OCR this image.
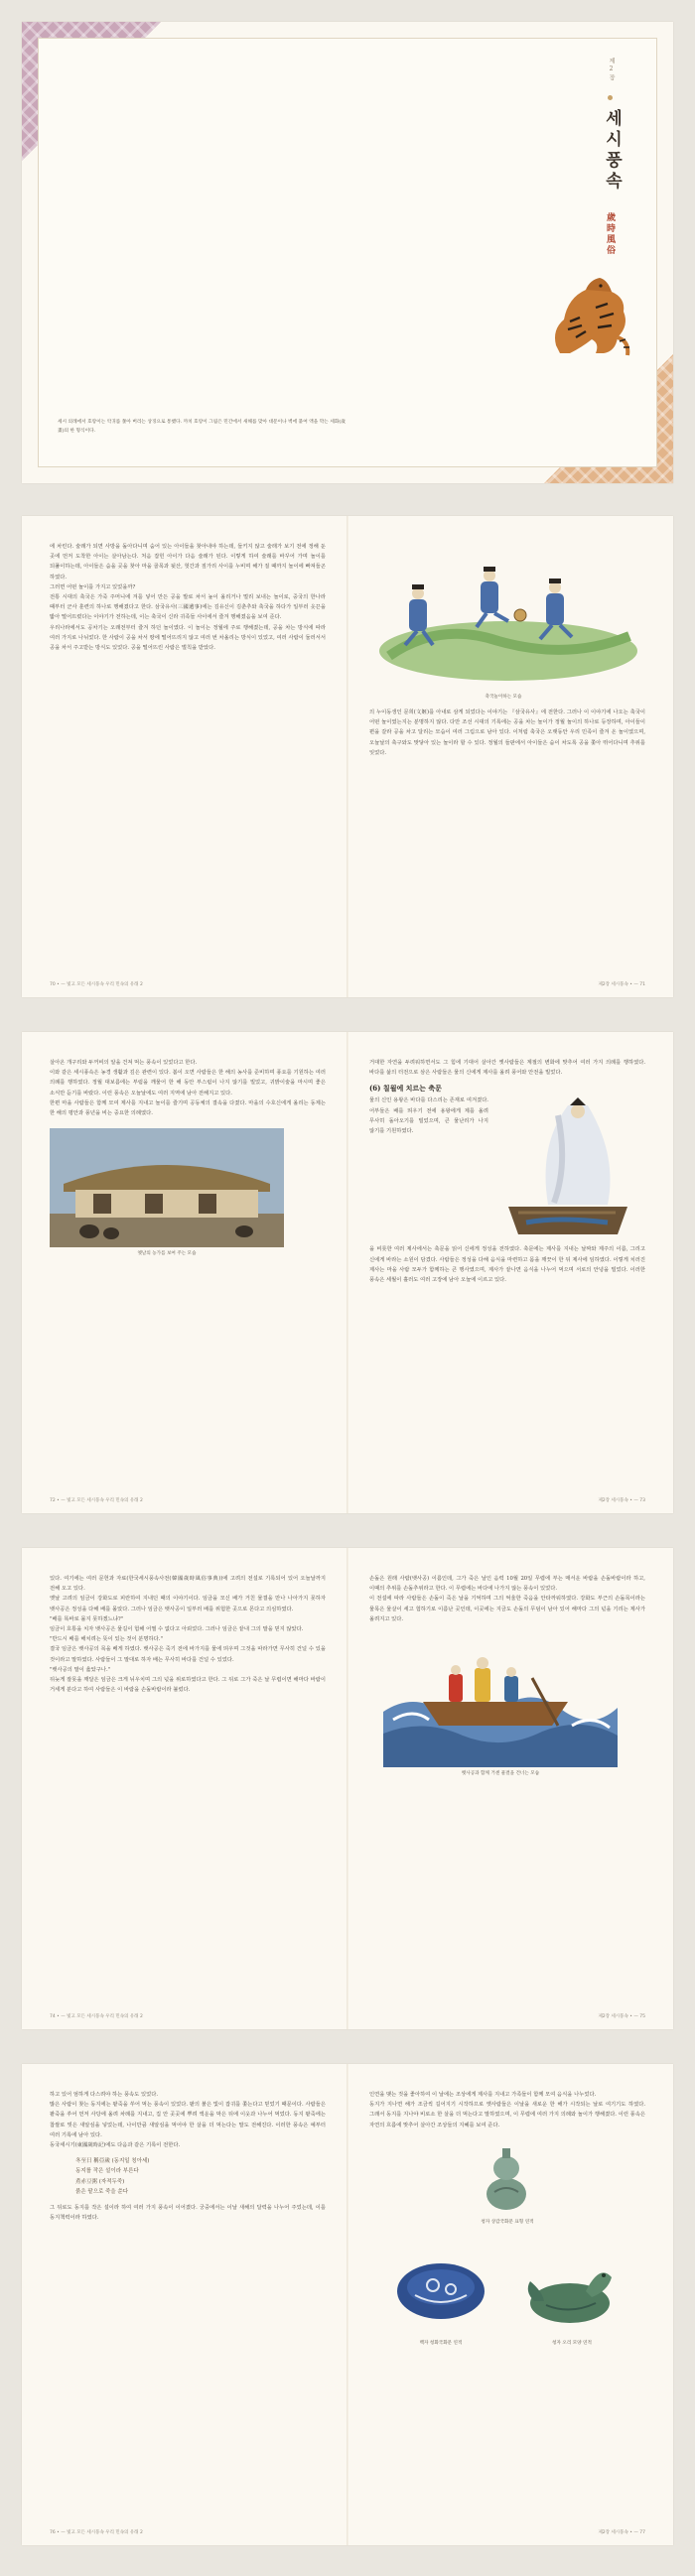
제2장
세시풍속
歲時風俗

세시 의례에서 호랑이는 악귀를 쫓아 버리는 상징으로 통했다. 까치 호랑이 그림은 민간에서 새해를 맞아 대문이나 벽에 붙여 액을 막는 세화(歲畫)의 한 형식이다.

에 차린다. 술래가 되면 사방을 돌아다니며 숨어 있는 아이들을 찾아내야 하는데, 들키지 않고 술래가 보기 전에 정해 둔 곳에 먼저 도착한 아이는 살아남는다. 처음 잡힌 아이가 다음 술래가 된다. 이렇게 하여 술래를 바꾸어 가며 놀이를 되풀이하는데, 아이들은 숨을 곳을 찾아 마을 골목과 뒷산, 헛간과 짚가리 사이를 누비며 해가 질 때까지 놀이에 빠져들곤 하였다.
그러면 어떤 놀이를 가지고 있었을까?
전통 시대의 축국은 가죽 주머니에 겨를 넣어 만든 공을 발로 차서 높이 올리거나 멀리 보내는 놀이로, 중국의 한나라 때부터 군사 훈련의 하나로 행해졌다고 한다. 삼국유사(三國遺事)에는 김유신이 김춘추와 축국을 하다가 일부러 옷끈을 밟아 떨어뜨렸다는 이야기가 전하는데, 이는 축국이 신라 귀족들 사이에서 즐겨 행해졌음을 보여 준다.
우리나라에서도 공차기는 오래전부터 즐겨 하던 놀이였다. 이 놀이는 정월에 주로 행해졌는데, 공을 차는 방식에 따라 여러 가지로 나뉘었다. 한 사람이 공을 차서 땅에 떨어뜨리지 않고 여러 번 차올리는 방식이 있었고, 여러 사람이 둘러서서 공을 차서 주고받는 방식도 있었다. 공을 떨어뜨린 사람은 벌칙을 받았다.

70 • — 빛고 모든 세시풍속 우리 민속의 유래 2
축국놀이하는 모습

의 누이동생인 문희(文姬)를 아내로 삼게 되었다는 이야기는 『삼국유사』에 전한다. 그러나 이 이야기에 나오는 축국이 어떤 놀이였는지는 분명하지 않다. 다만 조선 시대의 기록에는 공을 차는 놀이가 정월 놀이의 하나로 등장하며, 아이들이 편을 갈라 공을 차고 달리는 모습이 여러 그림으로 남아 있다. 이처럼 축국은 오랫동안 우리 민족이 즐겨 온 놀이였으며, 오늘날의 축구와도 맞닿아 있는 놀이라 할 수 있다. 정월의 들판에서 아이들은 숨이 차도록 공을 쫓아 뛰어다니며 추위를 잊었다.

제2장 세시풍속 • — 71

살아온 개구리와 두꺼비의 알을 건져 먹는 풍속이 있었다고 한다.
이와 같은 세시풍속은 농경 생활과 깊은 관련이 있다. 봄이 오면 사람들은 한 해의 농사를 준비하며 풍요를 기원하는 여러 의례를 행하였다. 정월 대보름에는 부럼을 깨물어 한 해 동안 부스럼이 나지 않기를 빌었고, 귀밝이술을 마시며 좋은 소식만 듣기를 바랐다. 이런 풍속은 오늘날에도 여러 지역에 남아 전해지고 있다.
한편 마을 사람들은 함께 모여 제사를 지내고 놀이를 즐기며 공동체의 결속을 다졌다. 마을의 수호신에게 올리는 동제는 한 해의 평안과 풍년을 비는 중요한 의례였다.

옛날의 농가를 보여 주는 모습
72 • — 빛고 모든 세시풍속 우리 민속의 유래 2

거대한 자연을 두려워하면서도 그 힘에 기대어 살아간 옛사람들은 계절의 변화에 맞추어 여러 가지 의례를 행하였다. 바다를 삶의 터전으로 삼은 사람들은 물의 신에게 제사를 올려 풍어와 안전을 빌었다.

(6) 칠월에 치르는 축문

물의 신인 용왕은 바다를 다스리는 존재로 여겨졌다. 어부들은 배를 띄우기 전에 용왕에게 제를 올려 무사히 돌아오기를 빌었으며, 큰 물난리가 나지 않기를 기원하였다.

을 비롯한 여러 제사에서는 축문을 읽어 신에게 정성을 전하였다. 축문에는 제사를 지내는 날짜와 제주의 이름, 그리고 신에게 바라는 소원이 담겼다. 사람들은 정성을 다해 음식을 마련하고 몸을 깨끗이 한 뒤 제사에 임하였다. 이렇게 치러진 제사는 마을 사람 모두가 함께하는 큰 행사였으며, 제사가 끝나면 음식을 나누어 먹으며 서로의 안녕을 빌었다. 이러한 풍속은 세월이 흘러도 여러 고장에 남아 오늘에 이르고 있다.

제2장 세시풍속 • — 73

있다. 여기에는 여러 문헌과 자료(한국세시풍속사전(韓國歲時風俗事典))에 고려의 전설로 기록되어 있어 오늘날까지 전해 오고 있다.
옛날 고려의 임금이 강화도로 피란하여 지내던 때의 이야기이다. 임금을 모신 배가 거친 물결을 만나 나아가지 못하자 뱃사공은 정성을 다해 배를 몰았다. 그러나 임금은 뱃사공이 일부러 배를 위험한 곳으로 몬다고 의심하였다.
"배를 똑바로 몰지 못하겠느냐?"
임금이 호통을 치자 뱃사공은 물길이 험해 어쩔 수 없다고 아뢰었다. 그러나 임금은 끝내 그의 말을 믿지 않았다.
"반드시 배를 해치려는 뜻이 있는 것이 분명하다."
결국 임금은 뱃사공의 목을 베게 하였다. 뱃사공은 죽기 전에 바가지를 물에 띄우며 그것을 따라가면 무사히 건널 수 있을 것이라고 말하였다. 사람들이 그 말대로 하자 배는 무사히 바다를 건널 수 있었다.
"뱃사공의 말이 옳았구나."
뒤늦게 잘못을 깨달은 임금은 크게 뉘우치며 그의 넋을 위로하였다고 한다. 그 뒤로 그가 죽은 날 무렵이면 해마다 바람이 거세게 분다고 하여 사람들은 이 바람을 손돌바람이라 불렀다.

74 • — 빛고 모든 세시풍속 우리 민속의 유래 2

손돌은 원래 사람(뱃사공) 이름인데, 그가 죽은 날인 음력 10월 20일 무렵에 부는 매서운 바람을 손돌바람이라 하고, 이때의 추위를 손돌추위라고 한다. 이 무렵에는 바다에 나가지 않는 풍속이 있었다.
이 전설에 따라 사람들은 손돌이 죽은 날을 기억하며 그의 억울한 죽음을 안타까워하였다. 강화도 부근의 손돌목이라는 물목은 물살이 세고 험하기로 이름난 곳인데, 이곳에는 지금도 손돌의 무덤이 남아 있어 해마다 그의 넋을 기리는 제사가 올려지고 있다.

뱃사공과 함께 거센 물결을 건너는 모습
제2장 세시풍속 • — 75

하고 있어 엄하게 다스려야 하는 풍속도 있었다.
많은 사람이 찾는 동지에는 팥죽을 쑤어 먹는 풍속이 있었다. 팥의 붉은 빛이 잡귀를 쫓는다고 믿었기 때문이다. 사람들은 팥죽을 쑤어 먼저 사당에 올려 차례를 지내고, 집 안 곳곳에 뿌려 액운을 막은 뒤에 이웃과 나누어 먹었다. 동지 팥죽에는 찹쌀로 빚은 새알심을 넣었는데, 나이만큼 새알심을 먹어야 한 살을 더 먹는다는 말도 전해진다. 이러한 풍속은 예부터 여러 기록에 남아 있다.
동국세시기(東國歲時記)에도 다음과 같은 기록이 전한다.

冬至日 稱亞歲 (동지일 칭아세)
동지를 작은 설이라 부른다
煮赤豆粥 (자적두죽)
붉은 팥으로 죽을 쑨다

그 뒤로도 동지를 작은 설이라 하여 여러 가지 풍속이 이어졌다. 궁중에서는 이날 새해의 달력을 나누어 주었는데, 이를 동지책력이라 하였다.

76 • — 빛고 모든 세시풍속 우리 민속의 유래 2

인연을 맺는 것을 좋아하여 이 날에는 조상에게 제사를 지내고 가족들이 함께 모여 음식을 나누었다.
동지가 지나면 해가 조금씩 길어지기 시작하므로 옛사람들은 이날을 새로운 한 해가 시작되는 날로 여기기도 하였다. 그래서 동지를 지나야 비로소 한 살을 더 먹는다고 말하였으며, 이 무렵에 여러 가지 의례와 놀이가 행해졌다. 이런 풍속은 자연의 흐름에 맞추어 살아간 조상들의 지혜를 보여 준다.

청자 상감국화문 표형 연적
백자 청화국화문 연적	청자 오리 모양 연적
제2장 세시풍속 • — 77
